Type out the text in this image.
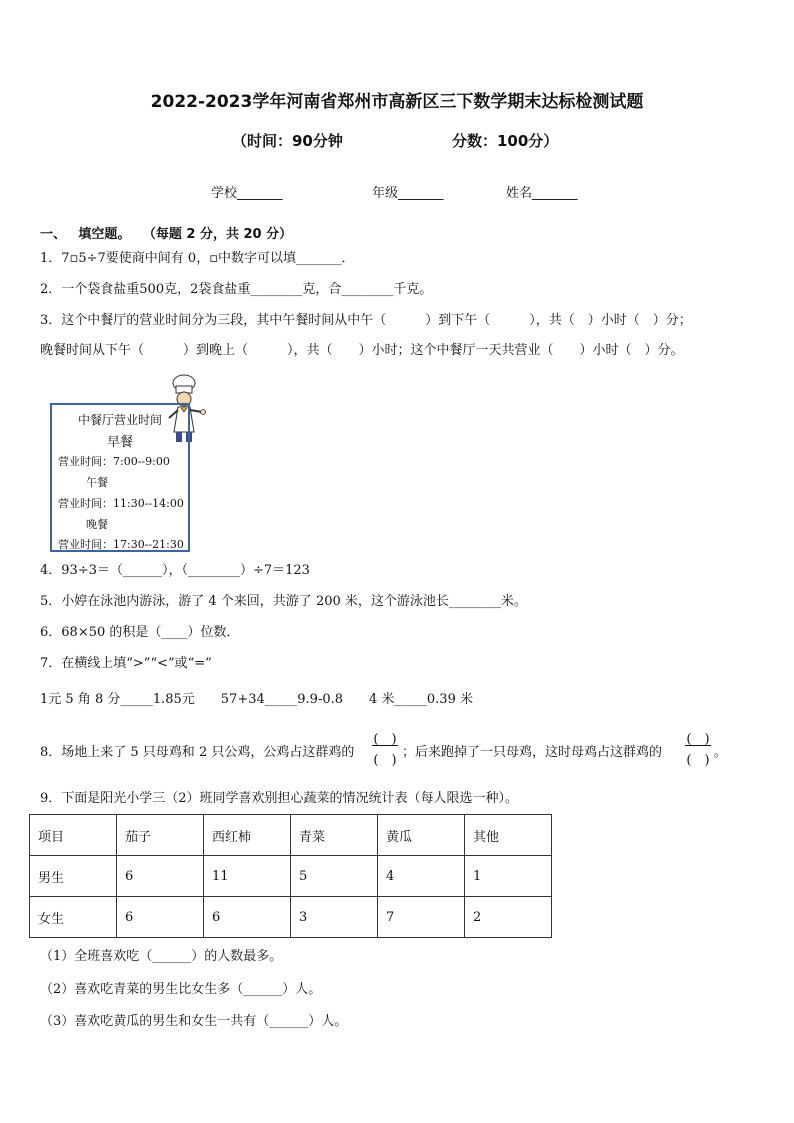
2022-2023学年河南省郑州市高新区三下数学期末达标检测试题
（时间：90分钟	分数：100分）
学校_______	年级_______	姓名_______
一、 填空题。 （每题 2 分，共 20 分）
1．7▫5÷7要使商中间有 0，▫中数字可以填_______．
2．一个袋食盐重500克，2袋食盐重________克，合________千克。
3．这个中餐厅的营业时间分为三段，其中午餐时间从中午（　　　）到下午（　　　），共（　）小时（　）分；
晚餐时间从下午（　　　）到晚上（　　　），共（　　）小时；这个中餐厅一天共营业（　　）小时（　）分。
中餐厅营业时间
早餐
营业时间：7:00--9:00
午餐
营业时间：11:30--14:00
晚餐
营业时间：17:30--21:30
4．93÷3＝（______），（________）÷7＝123
5．小婷在泳池内游泳，游了 4 个来回，共游了 200 米，这个游泳池长________米。
6．68×50 的积是（____）位数．
7．在横线上填“>”“<”或“=”
1元 5 角 8 分_____1.85元　　57+34_____9.9-0.8　　4 米_____0.39 米
8．场地上来了 5 只母鸡和 2 只公鸡，公鸡占这群鸡的
(　)
(　)
；后来跑掉了一只母鸡，这时母鸡占这群鸡的
(　)
(　)
。
9．下面是阳光小学三（2）班同学喜欢别担心蔬菜的情况统计表（每人限选一种）。
项目	茄子	西红柿	青菜	黄瓜	其他
男生	6	11	5	4	1
女生	6	6	3	7	2
（1）全班喜欢吃（______）的人数最多。
（2）喜欢吃青菜的男生比女生多（______）人。
（3）喜欢吃黄瓜的男生和女生一共有（______）人。
